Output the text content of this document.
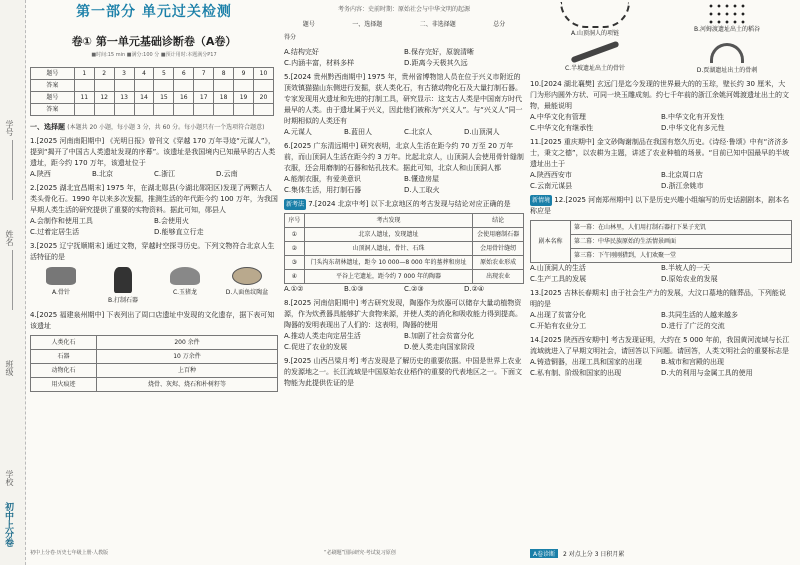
学号
姓名
班级
学校
初中上分卷
第一部分 单元过关检测
卷① 第一单元基础诊断卷（A卷）
■时间:15 min ■满分:100 分 ■预计用时:本题满分P17
题号	1	2	3	4	5	6	7	8	9	10
答案										
题号	11	12	13	14	15	16	17	18	19	20
答案										
一、选择题 (本题共 20 小题，每小题 3 分，共 60 分。每小题只有一个选项符合题意)
1.[2025 河南南阳期中] 《光明日报》曾刊文《穿越 170 万年寻迹“元谋人”》，提到“揭开了中国古人类遗址发现的序幕”。该遗址是我国境内已知最早的古人类遗址，距今约 170 万年，该遗址位于
A.陕西	B.北京	C.浙江	D.云南
2.[2025 湖北宜昌期末] 1975 年，在湖北郧县(今湖北郧阳区)发现了两颗古人类头骨化石。1990 年以来多次发掘，推测生活的年代距今约 100 万年，为我国早期人类生活的研究提供了重要的实物资料。据此可知，郧县人
A.会制作和使用工具	B.会使用火
C.过着定居生活	D.能够直立行走
3.[2025 辽宁抚顺期末] 通过文物，穿越时空探寻历史。下列文物符合北京人生活特征的是
A.骨针
B.打制石器
C.玉猪龙	D.人面鱼纹陶盆
4.[2025 福建泉州期中] 下表列出了周口店遗址中发现的文化遗存，据下表可知该遗址
人类化石	200 余件
石器	10 万余件
动物化石	上百种
用火痕迹	烧骨、灰烬、烧石和朴树籽等
初中上分卷·历史七年级上册·人教版
考务内容：史前时期：原始社会与中华文明的起源
题号	一、选择题	二、非选择题	总分
得分
A.结构完好	B.保存完好，原貌清晰
C.内涵丰富，材料多样	D.距离今天极其久远
5.[2024 贵州黔西南期中] 1975 年，贵州省博物馆人员在位于兴义市附近的顶效镇猫猫山东侧进行发掘，获人类化石，有古猿动物化石及大量打制石器。专家发现用火遗址和先进的打制工具，研究显示：这支古人类是中国南方时代最早的人类。由于遗址属于兴义，因此他们被称为“兴义人”。与“兴义人”同一时期相似的人类还有
A.元谋人	B.蓝田人	C.北京人	D.山顶洞人
6.[2025 广东清远期中] 研究表明，北京人生活在距今约 70 万至 20 万年前，而山顶洞人生活在距今约 3 万年。比起北京人，山顶洞人会使用骨针缝制衣服，还会用磨制的石器和钻孔技术。据此可知，北京人和山顶洞人都
A.能制衣服，有爱美意识	B.懂造房屋
C.集体生活，用打制石器	D.人工取火
新考法 7.[2024 北京中考] 以下北京地区的考古发现与结论对应正确的是
序号	考古发现	结论
①	北京人遗址，发现遗址	会使用磨制石器
②	山顶洞人遗址，骨针、石珠	会用骨针缝纫
③	门头沟东胡林遗址，距今 10 000—8 000 年的墓葬和房址	原始农业形成
④	平谷上宅遗址，距今约 7 000 年的陶器	出现农业
A.①②	B.①③	C.②③	D.②④
8.[2025 河南信阳期中] 考古研究发现，陶器作为炊器可以储存大量动植物资源，作为炊煮器具能够扩大食物来源，并使人类的消化和吸收能力得到提高。陶器的发明表现出了人们的：这表明，陶器的使用
A.推动人类走向定居生活	B.加剧了社会贫富分化
C.促进了农业的发展	D.使人类走向国家阶段
9.[2025 山西吕梁月考] 考古发现是了解历史的重要依据。中国是世界上农业的发源地之一。长江流域是中国原始农业稻作的重要的代表地区之一。下面文物能为此提供佐证的是
“必刷题”国际研究·考试复习原创
A.山顶洞人的项链
B.河姆渡遗址出土的稻谷
C.半坡遗址出土的骨针	D.贾湖遗址出土的骨刺
10.[2024 湖北襄樊] 玄远门是迄今发现的世界最大的的玉琮，壁长约 30 厘米，大门为形内圆外方状、可同一块玉雕成刻。约七千年前的浙江余姚河姆渡遗址出土的文物，最能说明
A.中华文化有管理	B.中华文化有开发性
C.中华文化有继承性	D.中华文化有多元性
11.[2025 重庆期中] 金文砂陶谢制品在我国有悠久历史。《诗经·鲁颂》中有“济济多士，秉文之德”，以农耕为主题，讲述了农业种植的场景。“目前已知中国最早的半坡遗址出土于
A.陕西西安市	B.北京周口店
C.云南元谋县	D.浙江余姚市
新情境 12.[2025 河南郑州期中] 以下是历史兴趣小组编写的历史话剧剧本，剧本名称应是
剧本名称	第一幕：在山林里，人们用打制石器打下果子充饥
第二幕：中华民族原始的生活情景画面
第三幕：下午刚刚猎到，人们欢聚一堂
A.山顶洞人的生活	B.半坡人的一天
C.生产工具的发展	D.原始农业的发展
13.[2025 吉林长春期末] 由于社会生产力的发展，大汶口墓地的随葬品，下列能说明的是
A.出现了贫富分化	B.共同生活的人越来越多
C.开始有农业分工	D.进行了广泛的交流
14.[2025 陕西西安期中] 考古发现证明，大约在 5 000 年前，我国黄河流域与长江流域就进入了早期文明社会，请回答以下问题。请回答，人类文明社会的重要标志是
A.铸造铜器，出现工具和国家的出现	B.城市和宫殿的出现
C.私有制、阶级和国家的出现	D.大的利用与金属工具的使用
A卷诊断 2 对点上分 3 日积月累
